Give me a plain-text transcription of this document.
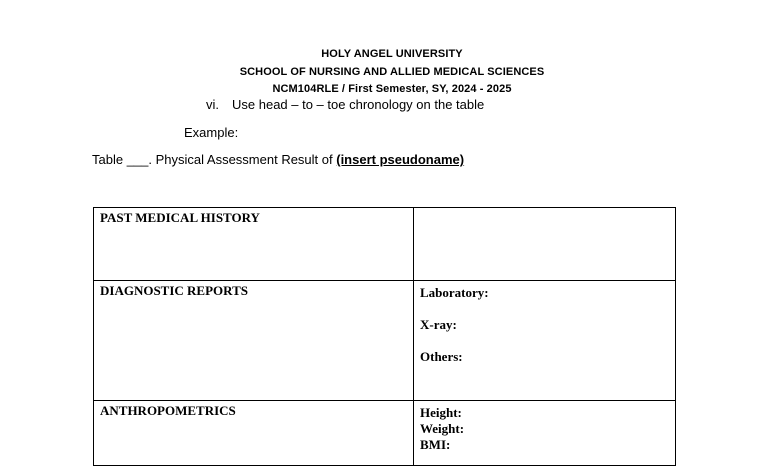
HOLY ANGEL UNIVERSITY
SCHOOL OF NURSING AND ALLIED MEDICAL SCIENCES
NCM104RLE / First Semester, SY, 2024 - 2025
vi. Use head – to – toe chronology on the table
Example:
Table ___. Physical Assessment Result of (insert pseudoname)
PAST MEDICAL HISTORY	
DIAGNOSTIC REPORTS	Laboratory:
X-ray:
Others:

ANTHROPOMETRICS	Height:
Weight:
BMI:
